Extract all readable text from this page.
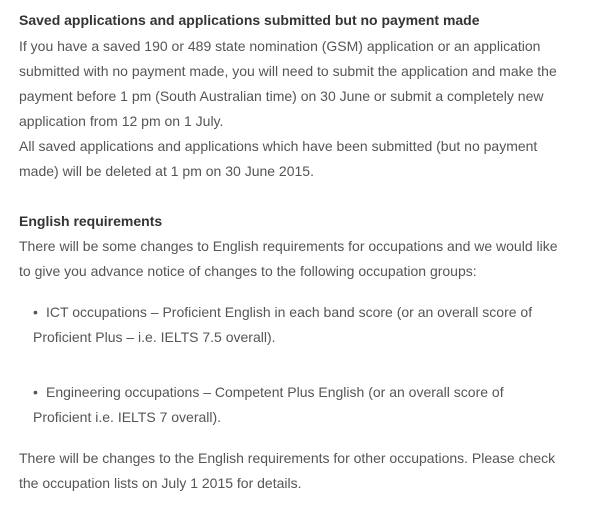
Saved applications and applications submitted but no payment made
If you have a saved 190 or 489 state nomination (GSM) application or an application
submitted with no payment made, you will need to submit the application and make the
payment before 1 pm (South Australian time) on 30 June or submit a completely new
application from 12 pm on 1 July.
All saved applications and applications which have been submitted (but no payment
made) will be deleted at 1 pm on 30 June 2015.
English requirements
There will be some changes to English requirements for occupations and we would like
to give you advance notice of changes to the following occupation groups:
• ICT occupations – Proficient English in each band score (or an overall score of
Proficient Plus – i.e. IELTS 7.5 overall).
• Engineering occupations – Competent Plus English (or an overall score of
Proficient i.e. IELTS 7 overall).
There will be changes to the English requirements for other occupations. Please check
the occupation lists on July 1 2015 for details.
